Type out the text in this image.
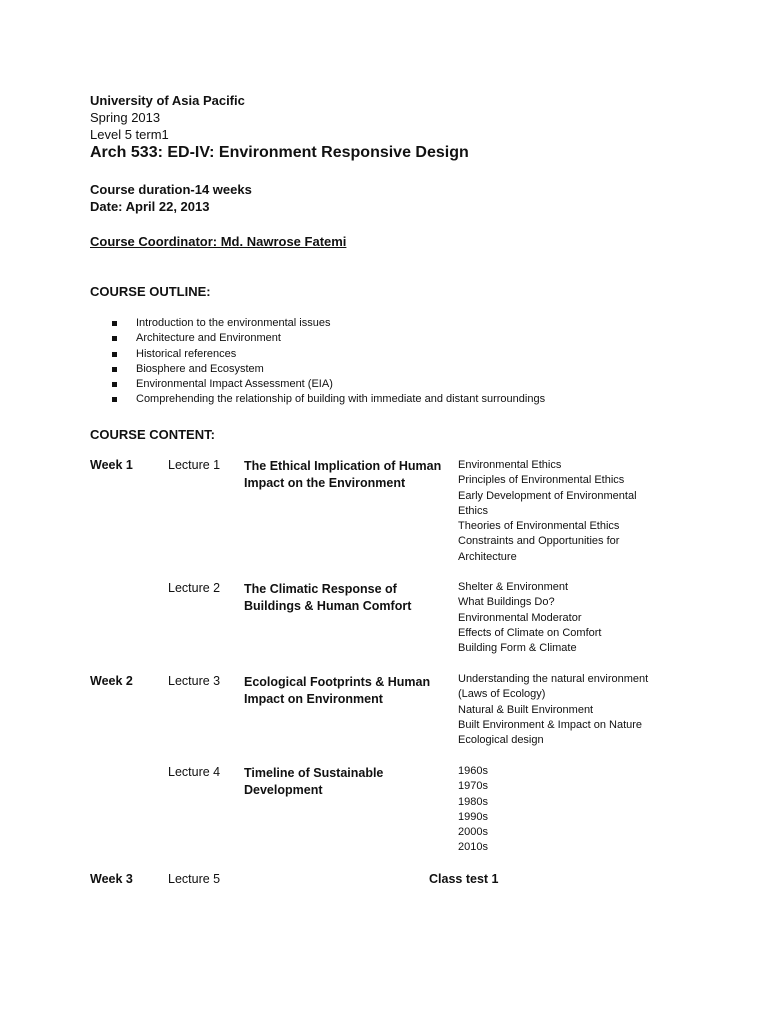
University of Asia Pacific
Spring 2013
Level 5 term1
Arch 533: ED-IV: Environment Responsive Design
Course duration-14 weeks
Date: April 22, 2013
Course Coordinator: Md. Nawrose Fatemi
COURSE OUTLINE:
Introduction to the environmental issues
Architecture and Environment
Historical references
Biosphere and Ecosystem
Environmental Impact Assessment (EIA)
Comprehending the relationship of building with immediate and distant surroundings
COURSE CONTENT:
Week 1	Lecture 1 The Ethical Implication of Human Impact on the Environment
Environmental Ethics
Principles of Environmental Ethics
Early Development of Environmental Ethics
Theories of Environmental Ethics
Constraints and Opportunities for Architecture
Lecture 2 The Climatic Response of Buildings & Human Comfort
Shelter & Environment
What Buildings Do?
Environmental Moderator
Effects of Climate on Comfort
Building Form & Climate
Week 2	Lecture 3 Ecological Footprints & Human Impact on Environment
Understanding the natural environment
(Laws of Ecology)
Natural & Built Environment
Built Environment & Impact on Nature
Ecological design
Lecture 4 Timeline of Sustainable Development
1960s
1970s
1980s
1990s
2000s
2010s
Week 3	Lecture 5	Class test 1
